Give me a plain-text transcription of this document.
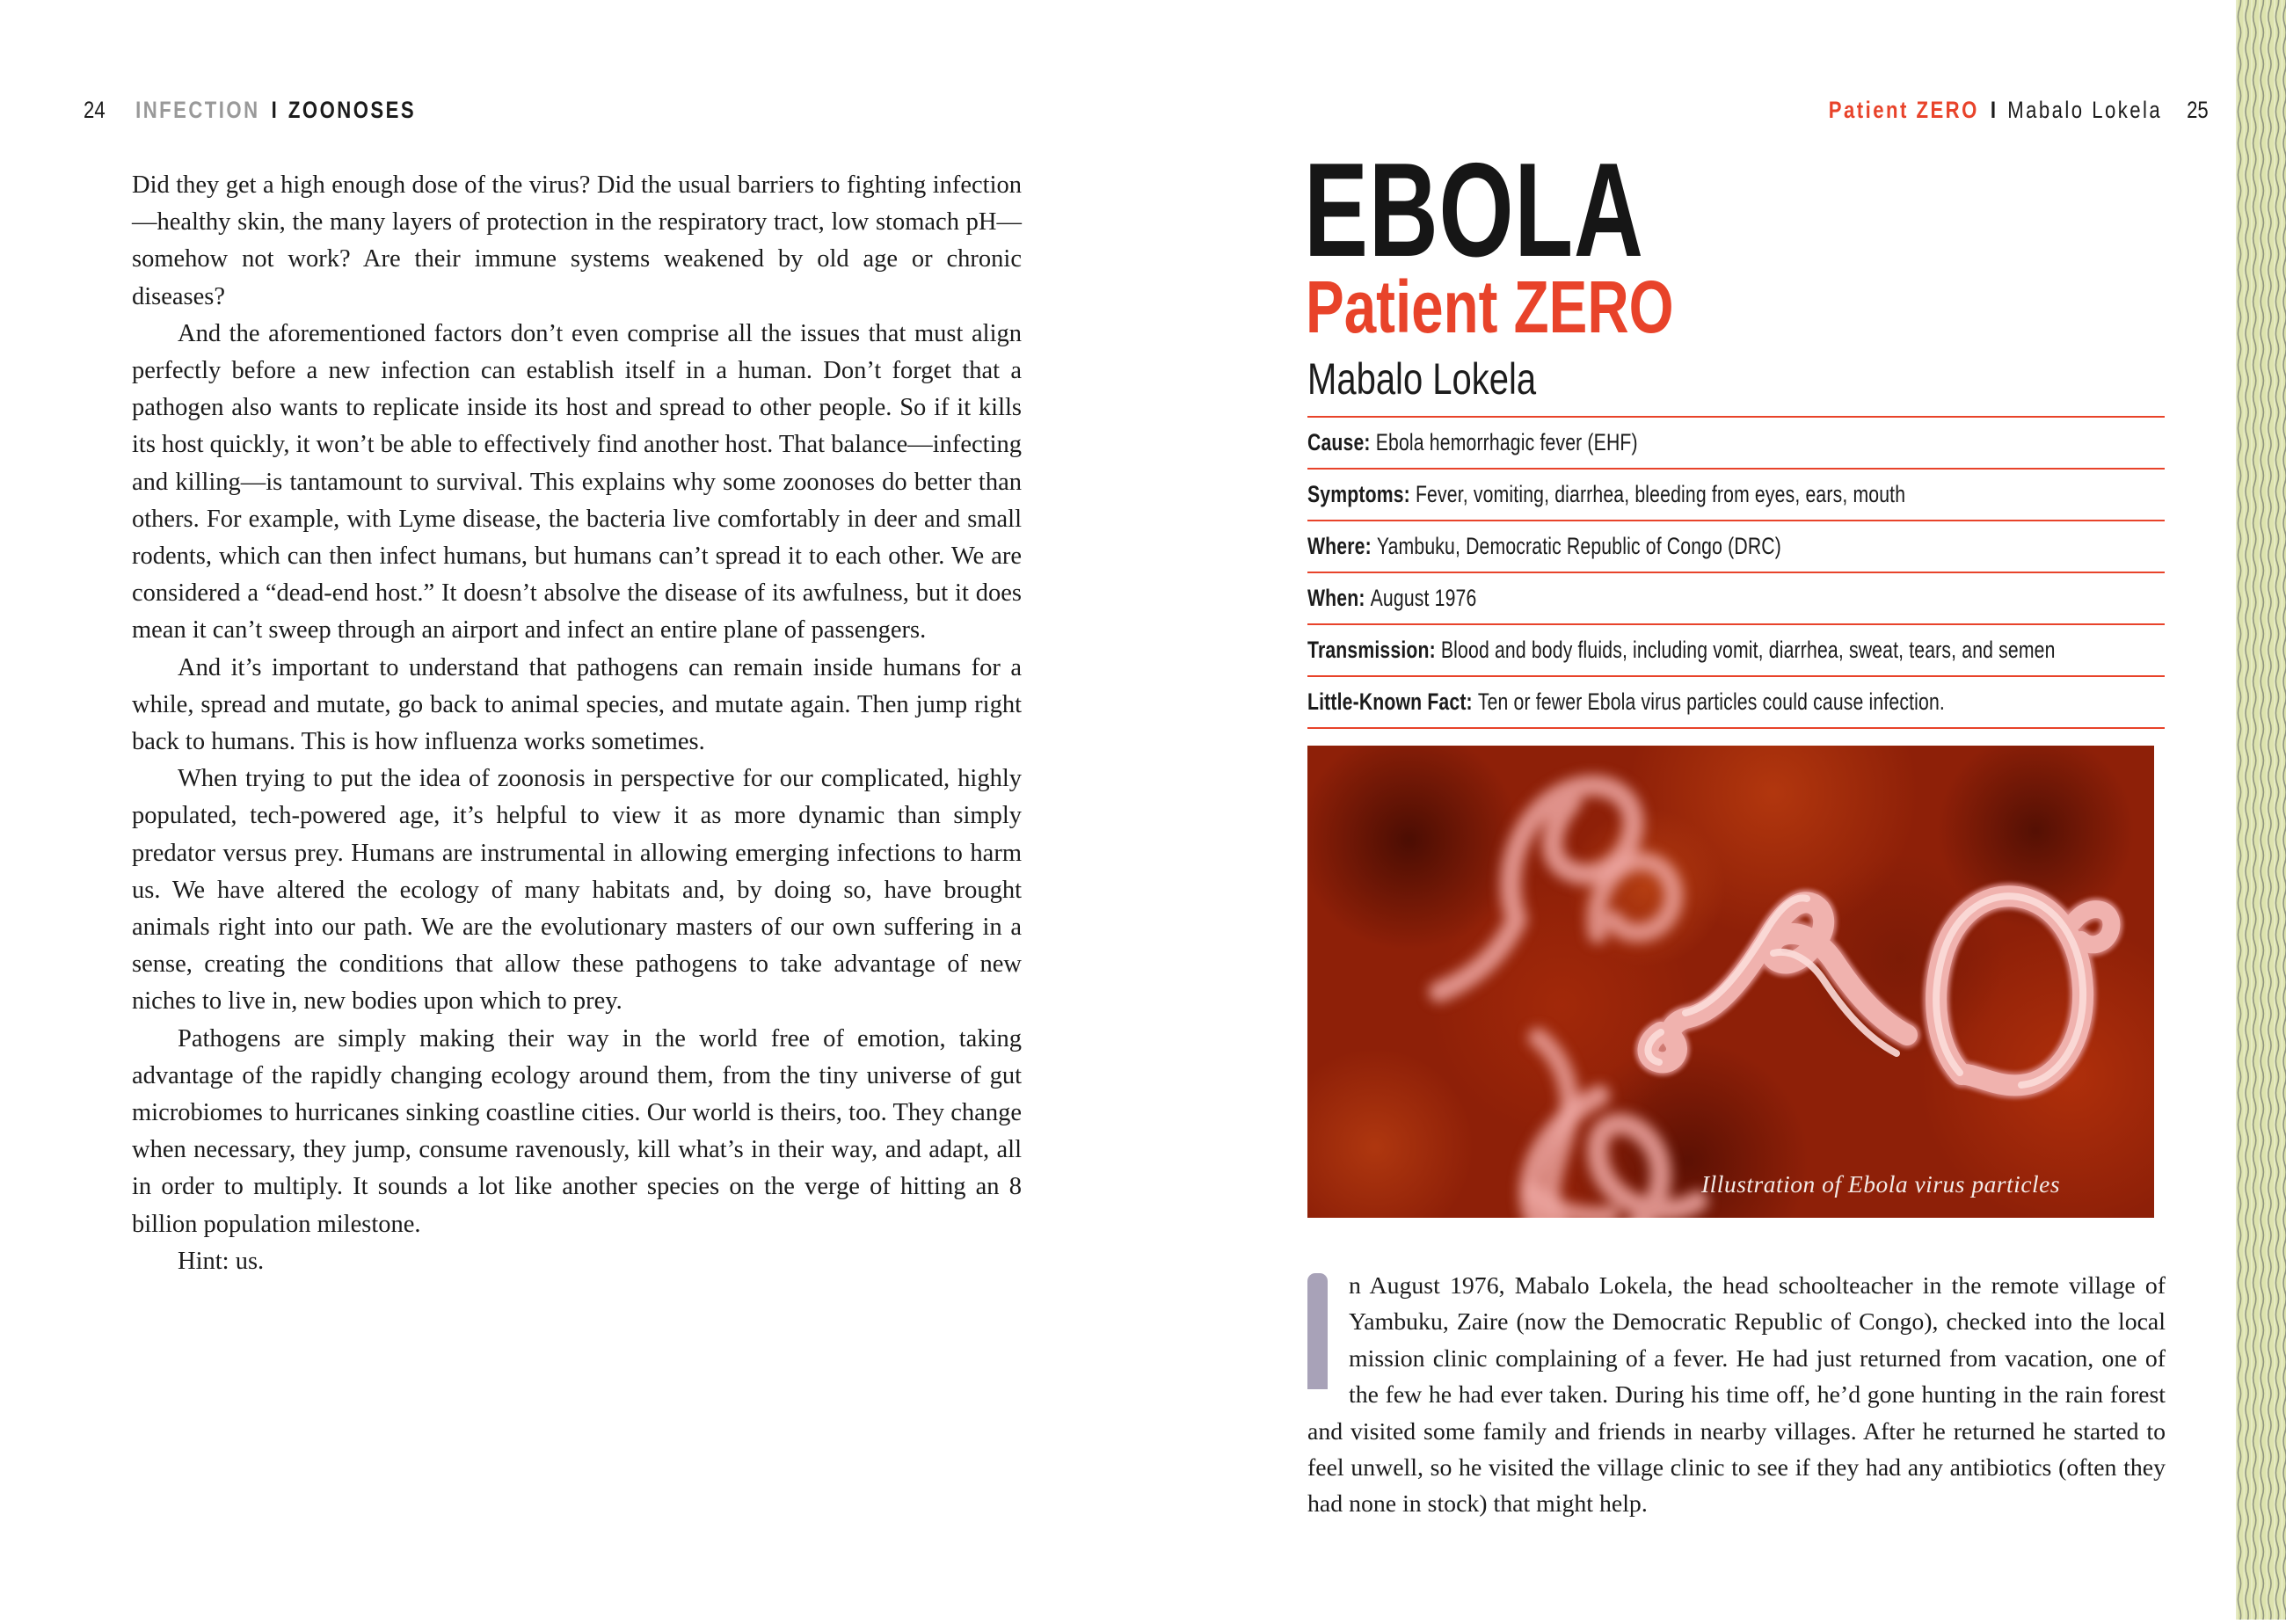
24 INFECTION I ZOONOSES

Did they get a high enough dose of the virus? Did the usual barriers to fighting infection—healthy skin, the many layers of protection in the respiratory tract, low stomach pH—somehow not work? Are their immune systems weakened by old age or chronic diseases?

And the aforementioned factors don’t even comprise all the issues that must align perfectly before a new infection can establish itself in a human. Don’t forget that a pathogen also wants to replicate inside its host and spread to other people. So if it kills its host quickly, it won’t be able to effectively find another host. That balance—infecting and killing—is tantamount to survival. This explains why some zoonoses do better than others. For example, with Lyme disease, the bacteria live comfortably in deer and small rodents, which can then infect humans, but humans can’t spread it to each other. We are considered a “dead-end host.” It doesn’t absolve the disease of its awfulness, but it does mean it can’t sweep through an airport and infect an entire plane of passengers.

And it’s important to understand that pathogens can remain inside humans for a while, spread and mutate, go back to animal species, and mutate again. Then jump right back to humans. This is how influenza works sometimes.

When trying to put the idea of zoonosis in perspective for our complicated, highly populated, tech-powered age, it’s helpful to view it as more dynamic than simply predator versus prey. Humans are instrumental in allowing emerging infections to harm us. We have altered the ecology of many habitats and, by doing so, have brought animals right into our path. We are the evolutionary masters of our own suffering in a sense, creating the conditions that allow these pathogens to take advantage of new niches to live in, new bodies upon which to prey.

Pathogens are simply making their way in the world free of emotion, taking advantage of the rapidly changing ecology around them, from the tiny universe of gut microbiomes to hurricanes sinking coastline cities. Our world is theirs, too. They change when necessary, they jump, consume ravenously, kill what’s in their way, and adapt, all in order to multiply. It sounds a lot like another species on the verge of hitting an 8 billion population milestone.

Hint: us.

Patient ZERO I Mabalo Lokela 25
EBOLA
Patient ZERO
Mabalo Lokela
Cause: Ebola hemorrhagic fever (EHF)
Symptoms: Fever, vomiting, diarrhea, bleeding from eyes, ears, mouth
Where: Yambuku, Democratic Republic of Congo (DRC)
When: August 1976
Transmission: Blood and body fluids, including vomit, diarrhea, sweat, tears, and semen
Little-Known Fact: Ten or fewer Ebola virus particles could cause infection.
Illustration of Ebola virus particles
n August 1976, Mabalo Lokela, the head schoolteacher in the remote village of Yambuku, Zaire (now the Democratic Republic of Congo), checked into the local mission clinic complaining of a fever. He had just returned from vacation, one of the few he had ever taken. During his time off, he’d gone hunting in the rain forest and visited some family and friends in nearby villages. After he returned he started to feel unwell, so he visited the village clinic to see if they had any antibiotics (often they had none in stock) that might help.
